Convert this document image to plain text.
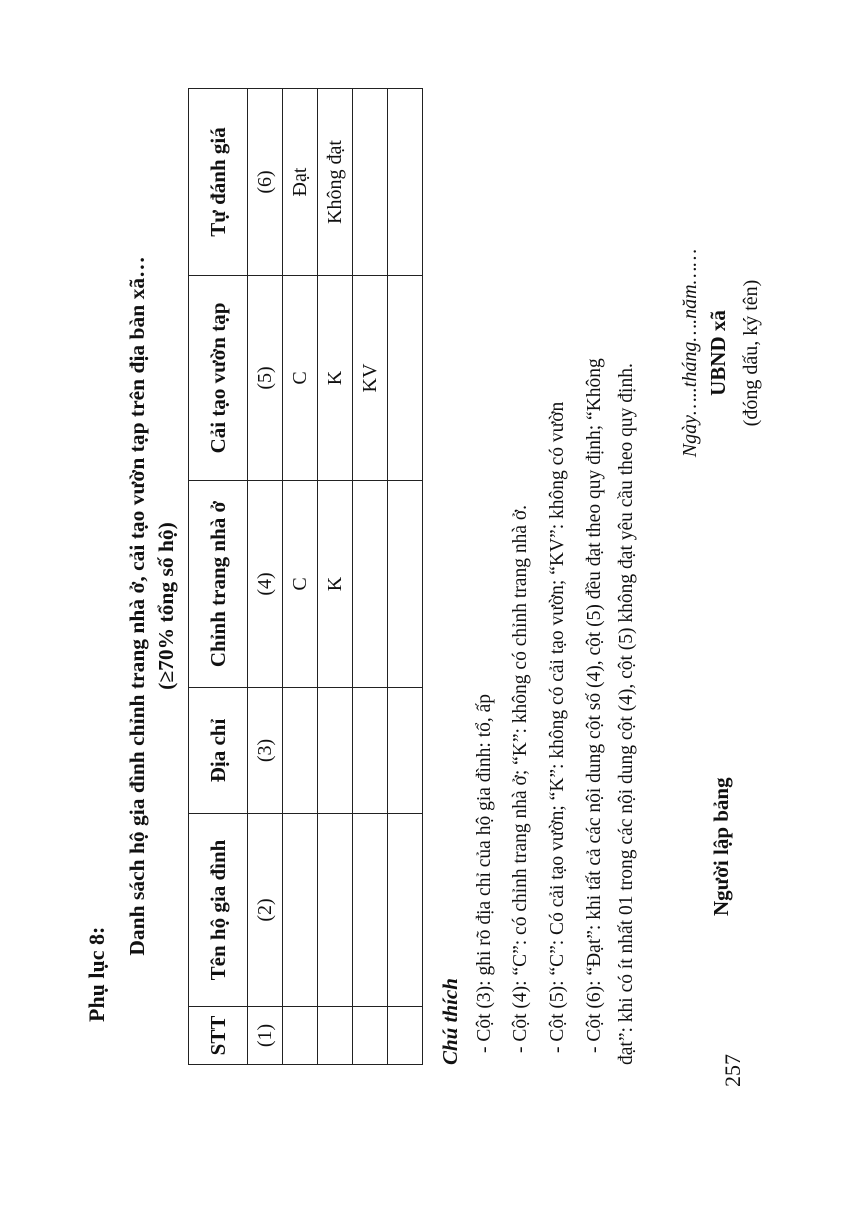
Phụ lục 8:
Danh sách hộ gia đình chỉnh trang nhà ở, cải tạo vườn tạp trên địa bàn xã… (≥70% tổng số hộ)
STT	Tên hộ gia đình	Địa chỉ	Chỉnh trang nhà ở	Cải tạo vườn tạp	Tự đánh giá
(1)	(2)	(3)	(4)	(5)	(6)
			C	C	Đạt
			K	K	Không đạt
				KV	

Chú thích - Cột (3): ghi rõ địa chỉ của hộ gia đình: tổ, ấp - Cột (4): “C”: có chỉnh trang nhà ở; “K”: không có chỉnh trang nhà ở. - Cột (5): “C”: Có cải tạo vườn; “K”: không có cải tạo vườn; “KV”: không có vườn - Cột (6): “Đạt”: khi tất cả các nội dung cột số (4), cột (5) đều đạt theo quy định; “Không đạt”: khi có ít nhất 01 trong các nội dung cột (4), cột (5) không đạt yêu cầu theo quy định.
Ngày…..tháng….năm……
Người lập bảng
UBND xã (đóng dấu, ký tên)
257
